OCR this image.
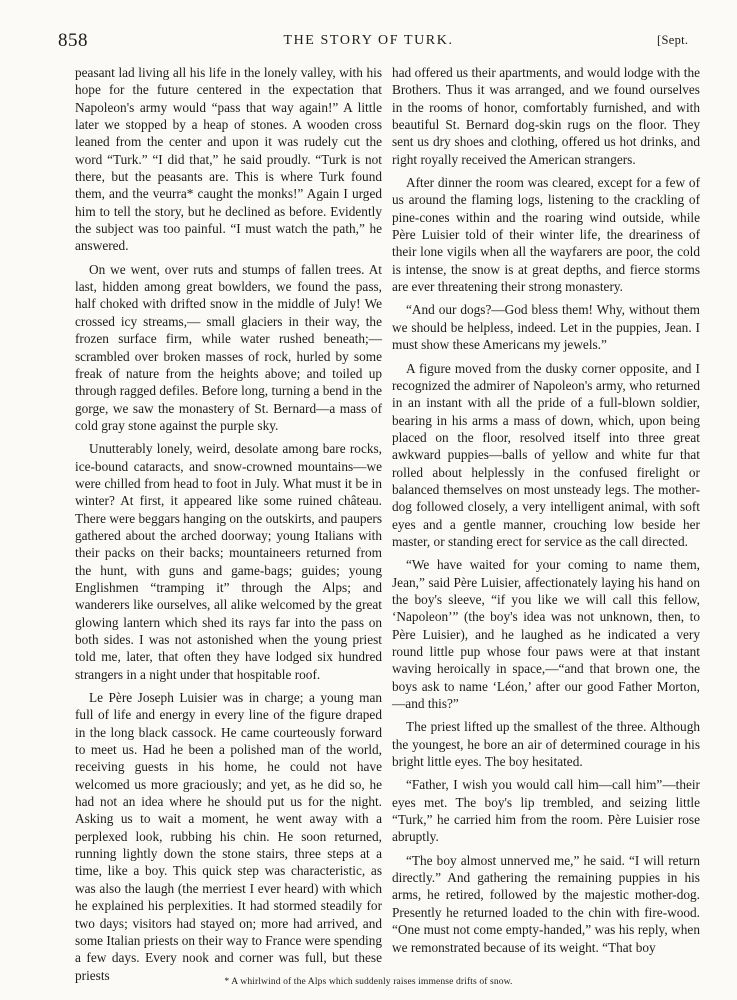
858	THE STORY OF TURK.	[Sept.

peasant lad living all his life in the lonely valley, with his hope for the future centered in the expectation that Napoleon's army would “pass that way again!” A little later we stopped by a heap of stones. A wooden cross leaned from the center and upon it was rudely cut the word “Turk.” “I did that,” he said proudly. “Turk is not there, but the peasants are. This is where Turk found them, and the veurra* caught the monks!” Again I urged him to tell the story, but he declined as before. Evidently the subject was too painful. “I must watch the path,” he answered.

On we went, over ruts and stumps of fallen trees. At last, hidden among great bowlders, we found the pass, half choked with drifted snow in the middle of July! We crossed icy streams,— small glaciers in their way, the frozen surface firm, while water rushed beneath;—scrambled over broken masses of rock, hurled by some freak of nature from the heights above; and toiled up through ragged defiles. Before long, turning a bend in the gorge, we saw the monastery of St. Bernard—a mass of cold gray stone against the purple sky.

Unutterably lonely, weird, desolate among bare rocks, ice-bound cataracts, and snow-crowned mountains—we were chilled from head to foot in July. What must it be in winter? At first, it appeared like some ruined château. There were beggars hanging on the outskirts, and paupers gathered about the arched doorway; young Italians with their packs on their backs; mountaineers returned from the hunt, with guns and game-bags; guides; young Englishmen “tramping it” through the Alps; and wanderers like ourselves, all alike welcomed by the great glowing lantern which shed its rays far into the pass on both sides. I was not astonished when the young priest told me, later, that often they have lodged six hundred strangers in a night under that hospitable roof.

Le Père Joseph Luisier was in charge; a young man full of life and energy in every line of the figure draped in the long black cassock. He came courteously forward to meet us. Had he been a polished man of the world, receiving guests in his home, he could not have welcomed us more graciously; and yet, as he did so, he had not an idea where he should put us for the night. Asking us to wait a moment, he went away with a perplexed look, rubbing his chin. He soon returned, running lightly down the stone stairs, three steps at a time, like a boy. This quick step was characteristic, as was also the laugh (the merriest I ever heard) with which he explained his perplexities. It had stormed steadily for two days; visitors had stayed on; more had arrived, and some Italian priests on their way to France were spending a few days. Every nook and corner was full, but these priests

had offered us their apartments, and would lodge with the Brothers. Thus it was arranged, and we found ourselves in the rooms of honor, comfortably furnished, and with beautiful St. Bernard dog-skin rugs on the floor. They sent us dry shoes and clothing, offered us hot drinks, and right royally received the American strangers.

After dinner the room was cleared, except for a few of us around the flaming logs, listening to the crackling of pine-cones within and the roaring wind outside, while Père Luisier told of their winter life, the dreariness of their lone vigils when all the wayfarers are poor, the cold is intense, the snow is at great depths, and fierce storms are ever threatening their strong monastery.

“And our dogs?—God bless them! Why, without them we should be helpless, indeed. Let in the puppies, Jean. I must show these Americans my jewels.”

A figure moved from the dusky corner opposite, and I recognized the admirer of Napoleon's army, who returned in an instant with all the pride of a full-blown soldier, bearing in his arms a mass of down, which, upon being placed on the floor, resolved itself into three great awkward puppies—balls of yellow and white fur that rolled about helplessly in the confused firelight or balanced themselves on most unsteady legs. The mother-dog followed closely, a very intelligent animal, with soft eyes and a gentle manner, crouching low beside her master, or standing erect for service as the call directed.

“We have waited for your coming to name them, Jean,” said Père Luisier, affectionately laying his hand on the boy's sleeve, “if you like we will call this fellow, ‘Napoleon’” (the boy's idea was not unknown, then, to Père Luisier), and he laughed as he indicated a very round little pup whose four paws were at that instant waving heroically in space,—“and that brown one, the boys ask to name ‘Léon,’ after our good Father Morton,—and this?”

The priest lifted up the smallest of the three. Although the youngest, he bore an air of determined courage in his bright little eyes. The boy hesitated.

“Father, I wish you would call him—call him”—their eyes met. The boy's lip trembled, and seizing little “Turk,” he carried him from the room. Père Luisier rose abruptly.

“The boy almost unnerved me,” he said. “I will return directly.” And gathering the remaining puppies in his arms, he retired, followed by the majestic mother-dog. Presently he returned loaded to the chin with fire-wood. “One must not come empty-handed,” was his reply, when we remonstrated because of its weight. “That boy

* A whirlwind of the Alps which suddenly raises immense drifts of snow.
